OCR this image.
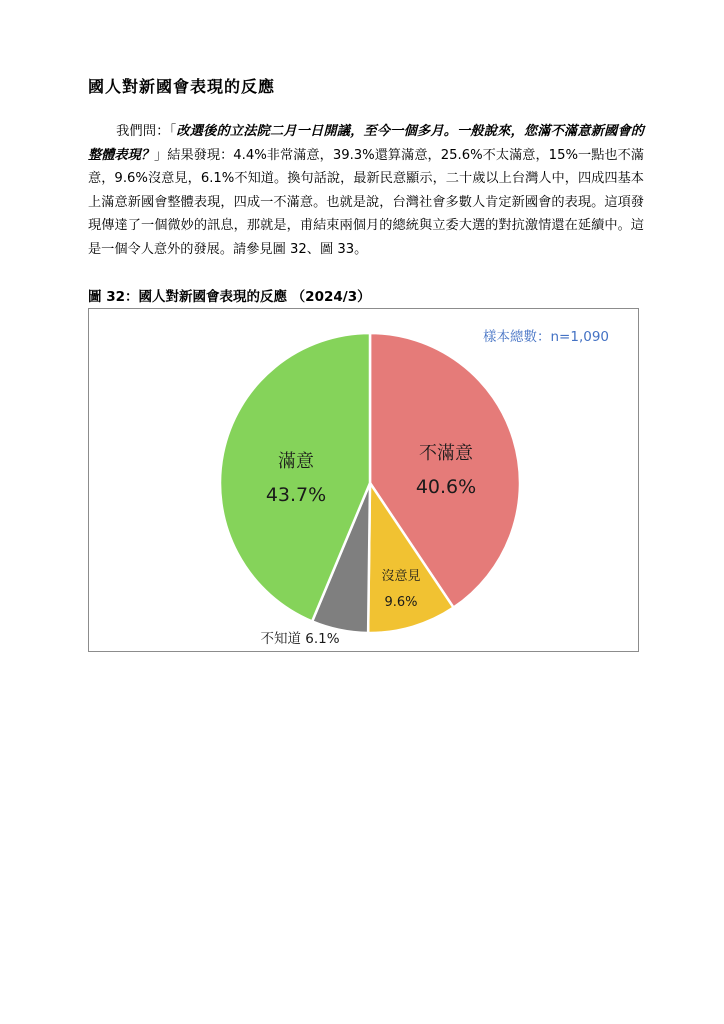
國人對新國會表現的反應
我們問：「改選後的立法院二月一日開議，至今一個多月。一般說來，您滿不滿意新國會的整體表現？」結果發現：4.4%非常滿意，39.3%還算滿意，25.6%不太滿意，15%一點也不滿意，9.6%沒意見，6.1%不知道。換句話說，最新民意顯示，二十歲以上台灣人中，四成四基本上滿意新國會整體表現，四成一不滿意。也就是說，台灣社會多數人肯定新國會的表現。這項發現傳達了一個微妙的訊息，那就是，甫結束兩個月的總統與立委大選的對抗激情還在延續中。這是一個令人意外的發展。請參見圖 32、圖 33。
圖 32：國人對新國會表現的反應 （2024/3）
樣本總數：n=1,090
不滿意
40.6%
沒意見
9.6%
不知道 6.1%
滿意
43.7%
